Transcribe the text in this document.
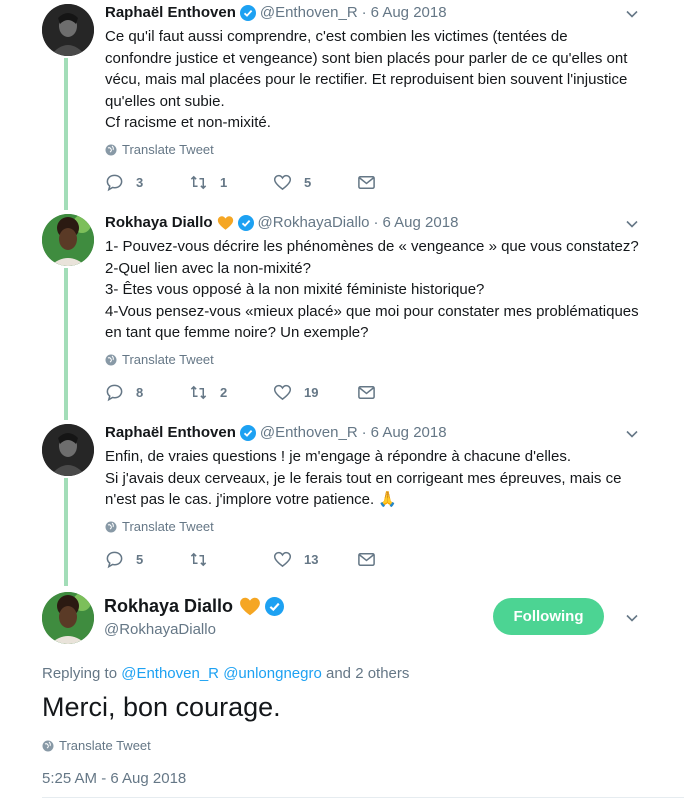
Raphaël Enthoven @Enthoven_R · 6 Aug 2018

Ce qu'il faut aussi comprendre, c'est combien les victimes (tentées de

confondre justice et vengeance) sont bien placés pour parler de ce qu'elles ont

vécu, mais mal placées pour le rectifier. Et reproduisent bien souvent l'injustice

qu'elles ont subie.

Cf racisme et non-mixité.

Translate Tweet
3	1	5
Rokhaya Diallo	@RokhayaDiallo · 6 Aug 2018

1- Pouvez-vous décrire les phénomènes de « vengeance » que vous constatez?

2-Quel lien avec la non-mixité?

3- Êtes vous opposé à la non mixité féministe historique?

4-Vous pensez-vous «mieux placé» que moi pour constater mes problématiques

en tant que femme noire? Un exemple?

Translate Tweet
8	2	19
Raphaël Enthoven @Enthoven_R · 6 Aug 2018

Enfin, de vraies questions ! je m'engage à répondre à chacune d'elles.

Si j'avais deux cerveaux, je le ferais tout en corrigeant mes épreuves, mais ce

n'est pas le cas. j'implore votre patience. 🙏

Translate Tweet
5	13
Rokhaya Diallo
@RokhayaDiallo
Following
Replying to @Enthoven_R @unlongnegro and 2 others
Merci, bon courage.
Translate Tweet
5:25 AM - 6 Aug 2018
